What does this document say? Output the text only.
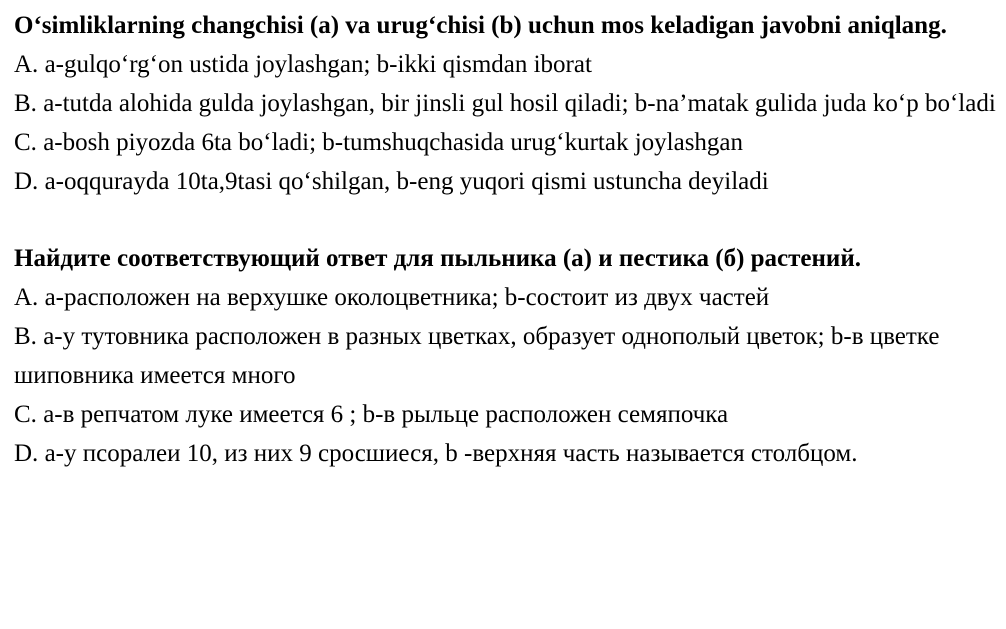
O‘simliklarning changchisi (a) va urug‘chisi (b) uchun mos keladigan javobni aniqlang.

A. a-gulqo‘rg‘on ustida joylashgan; b-ikki qismdan iborat

B. a-tutda alohida gulda joylashgan, bir jinsli gul hosil qiladi; b-na’matak gulida juda ko‘p bo‘ladi

C. a-bosh piyozda 6ta bo‘ladi; b-tumshuqchasida urug‘kurtak joylashgan

D. a-oqqurayda 10ta,9tasi qo‘shilgan, b-eng yuqori qismi ustuncha deyiladi

Найдите соответствующий ответ для пыльника (а) и пестика (б) растений.

A. a-расположен на верхушке околоцветника; b-состоит из двух частей

B. a-у тутовника расположен в разных цветках, образует однополый цветок; b-в цветке шиповника имеется много

C. a-в репчатом луке имеется 6 ; b-в рыльце расположен семяпочка

D. a-у псоралеи 10, из них 9 сросшиеся, b -верхняя часть называется столбцом.
